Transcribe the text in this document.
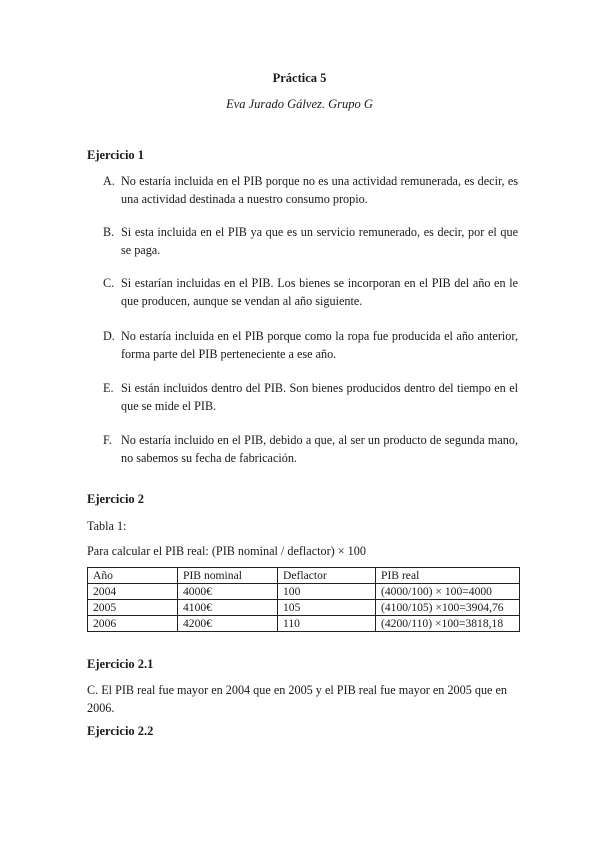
Práctica 5
Eva Jurado Gálvez. Grupo G
Ejercicio 1
A. No estaría incluida en el PIB porque no es una actividad remunerada, es decir, es una actividad destinada a nuestro consumo propio.
B. Si esta incluida en el PIB ya que es un servicio remunerado, es decir, por el que se paga.
C. Si estarían incluidas en el PIB. Los bienes se incorporan en el PIB del año en le que producen, aunque se vendan al año siguiente.
D. No estaría incluida en el PIB porque como la ropa fue producida el año anterior, forma parte del PIB perteneciente a ese año.
E. Si están incluidos dentro del PIB. Son bienes producidos dentro del tiempo en el que se mide el PIB.
F. No estaría incluido en el PIB, debido a que, al ser un producto de segunda mano, no sabemos su fecha de fabricación.
Ejercicio 2
Tabla 1:
Para calcular el PIB real: (PIB nominal / deflactor) × 100
Año	PIB nominal	Deflactor	PIB real
2004	4000€	100	(4000/100) × 100=4000
2005	4100€	105	(4100/105) ×100=3904,76
2006	4200€	110	(4200/110) ×100=3818,18
Ejercicio 2.1
C. El PIB real fue mayor en 2004 que en 2005 y el PIB real fue mayor en 2005 que en 2006.
Ejercicio 2.2
